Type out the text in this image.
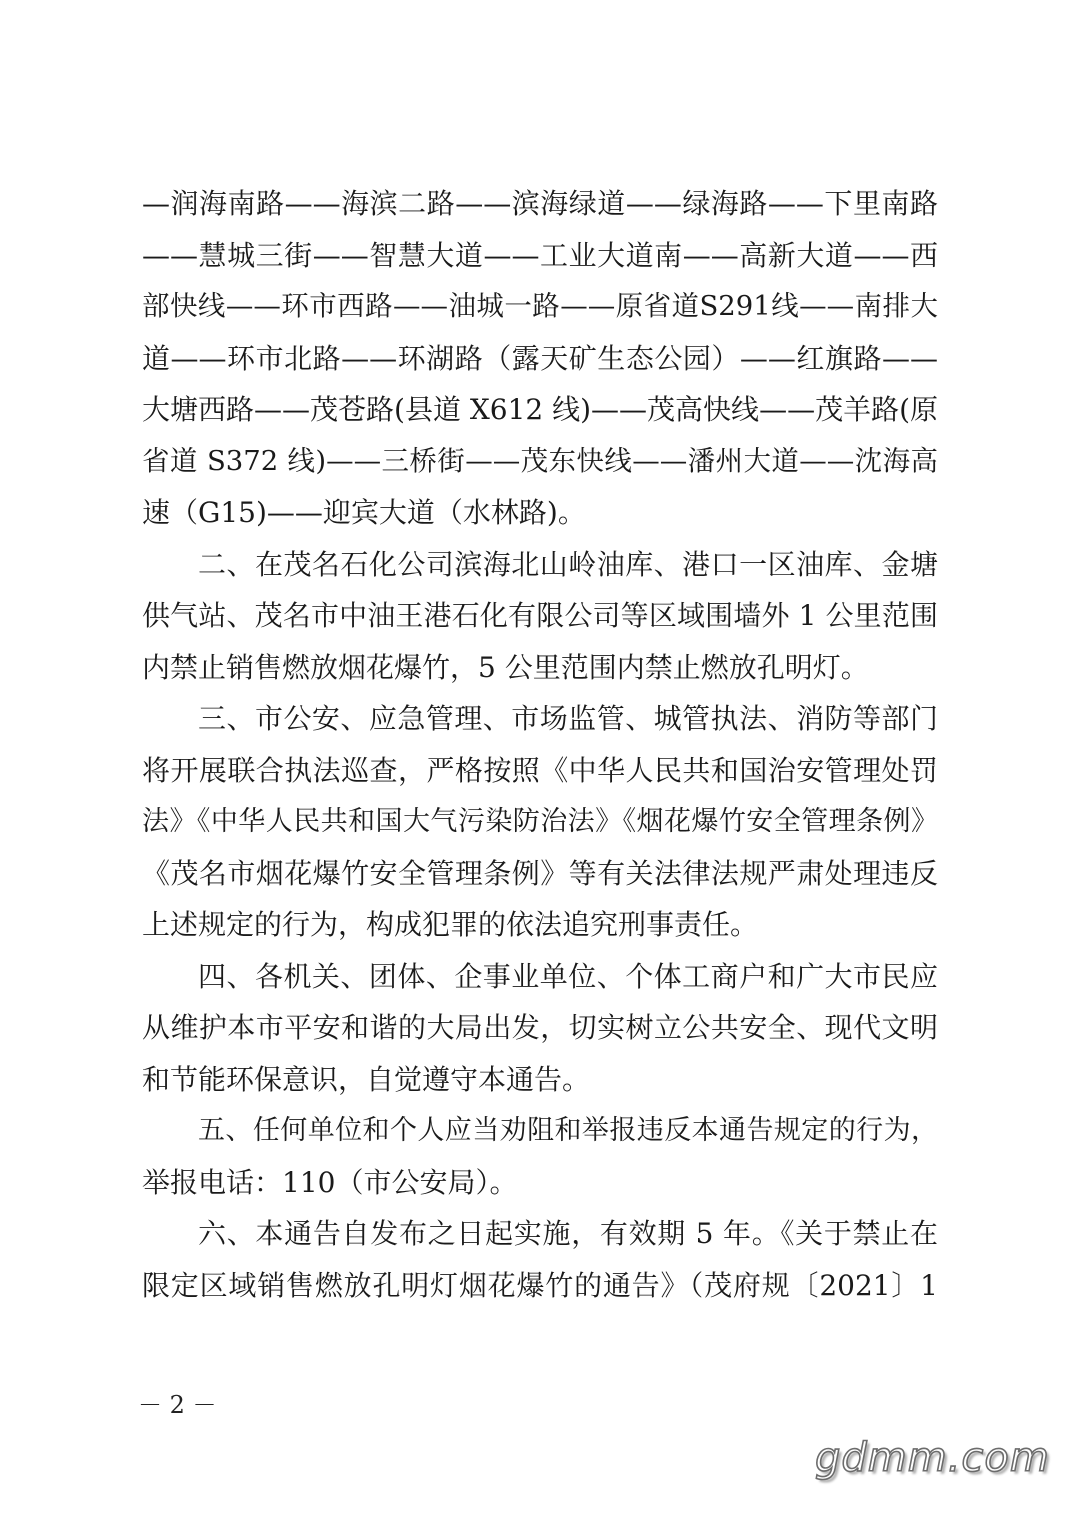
—润海南路——海滨二路——滨海绿道——绿海路——下里南路
——慧城三街——智慧大道——工业大道南——高新大道——西
部快线——环市西路——油城一路——原省道S291线——南排大
道——环市北路——环湖路（露天矿生态公园）——红旗路——
大塘西路——茂苍路(县道 X612 线)——茂高快线——茂羊路(原
省道 S372 线)——三桥街——茂东快线——潘州大道——沈海高
速（G15)——迎宾大道（水林路)。
二、在茂名石化公司滨海北山岭油库、港口一区油库、金塘
供气站、茂名市中油王港石化有限公司等区域围墙外 1 公里范围
内禁止销售燃放烟花爆竹，5 公里范围内禁止燃放孔明灯。
三、市公安、应急管理、市场监管、城管执法、消防等部门
将开展联合执法巡查，严格按照《中华人民共和国治安管理处罚
法》《中华人民共和国大气污染防治法》《烟花爆竹安全管理条例》
《茂名市烟花爆竹安全管理条例》等有关法律法规严肃处理违反
上述规定的行为，构成犯罪的依法追究刑事责任。
四、各机关、团体、企事业单位、个体工商户和广大市民应
从维护本市平安和谐的大局出发，切实树立公共安全、现代文明
和节能环保意识，自觉遵守本通告。
五、任何单位和个人应当劝阻和举报违反本通告规定的行为，
举报电话：110（市公安局）。
六、本通告自发布之日起实施，有效期 5 年。《关于禁止在
限定区域销售燃放孔明灯烟花爆竹的通告》（茂府规〔2021〕1
－ 2 －
gdmm.com
